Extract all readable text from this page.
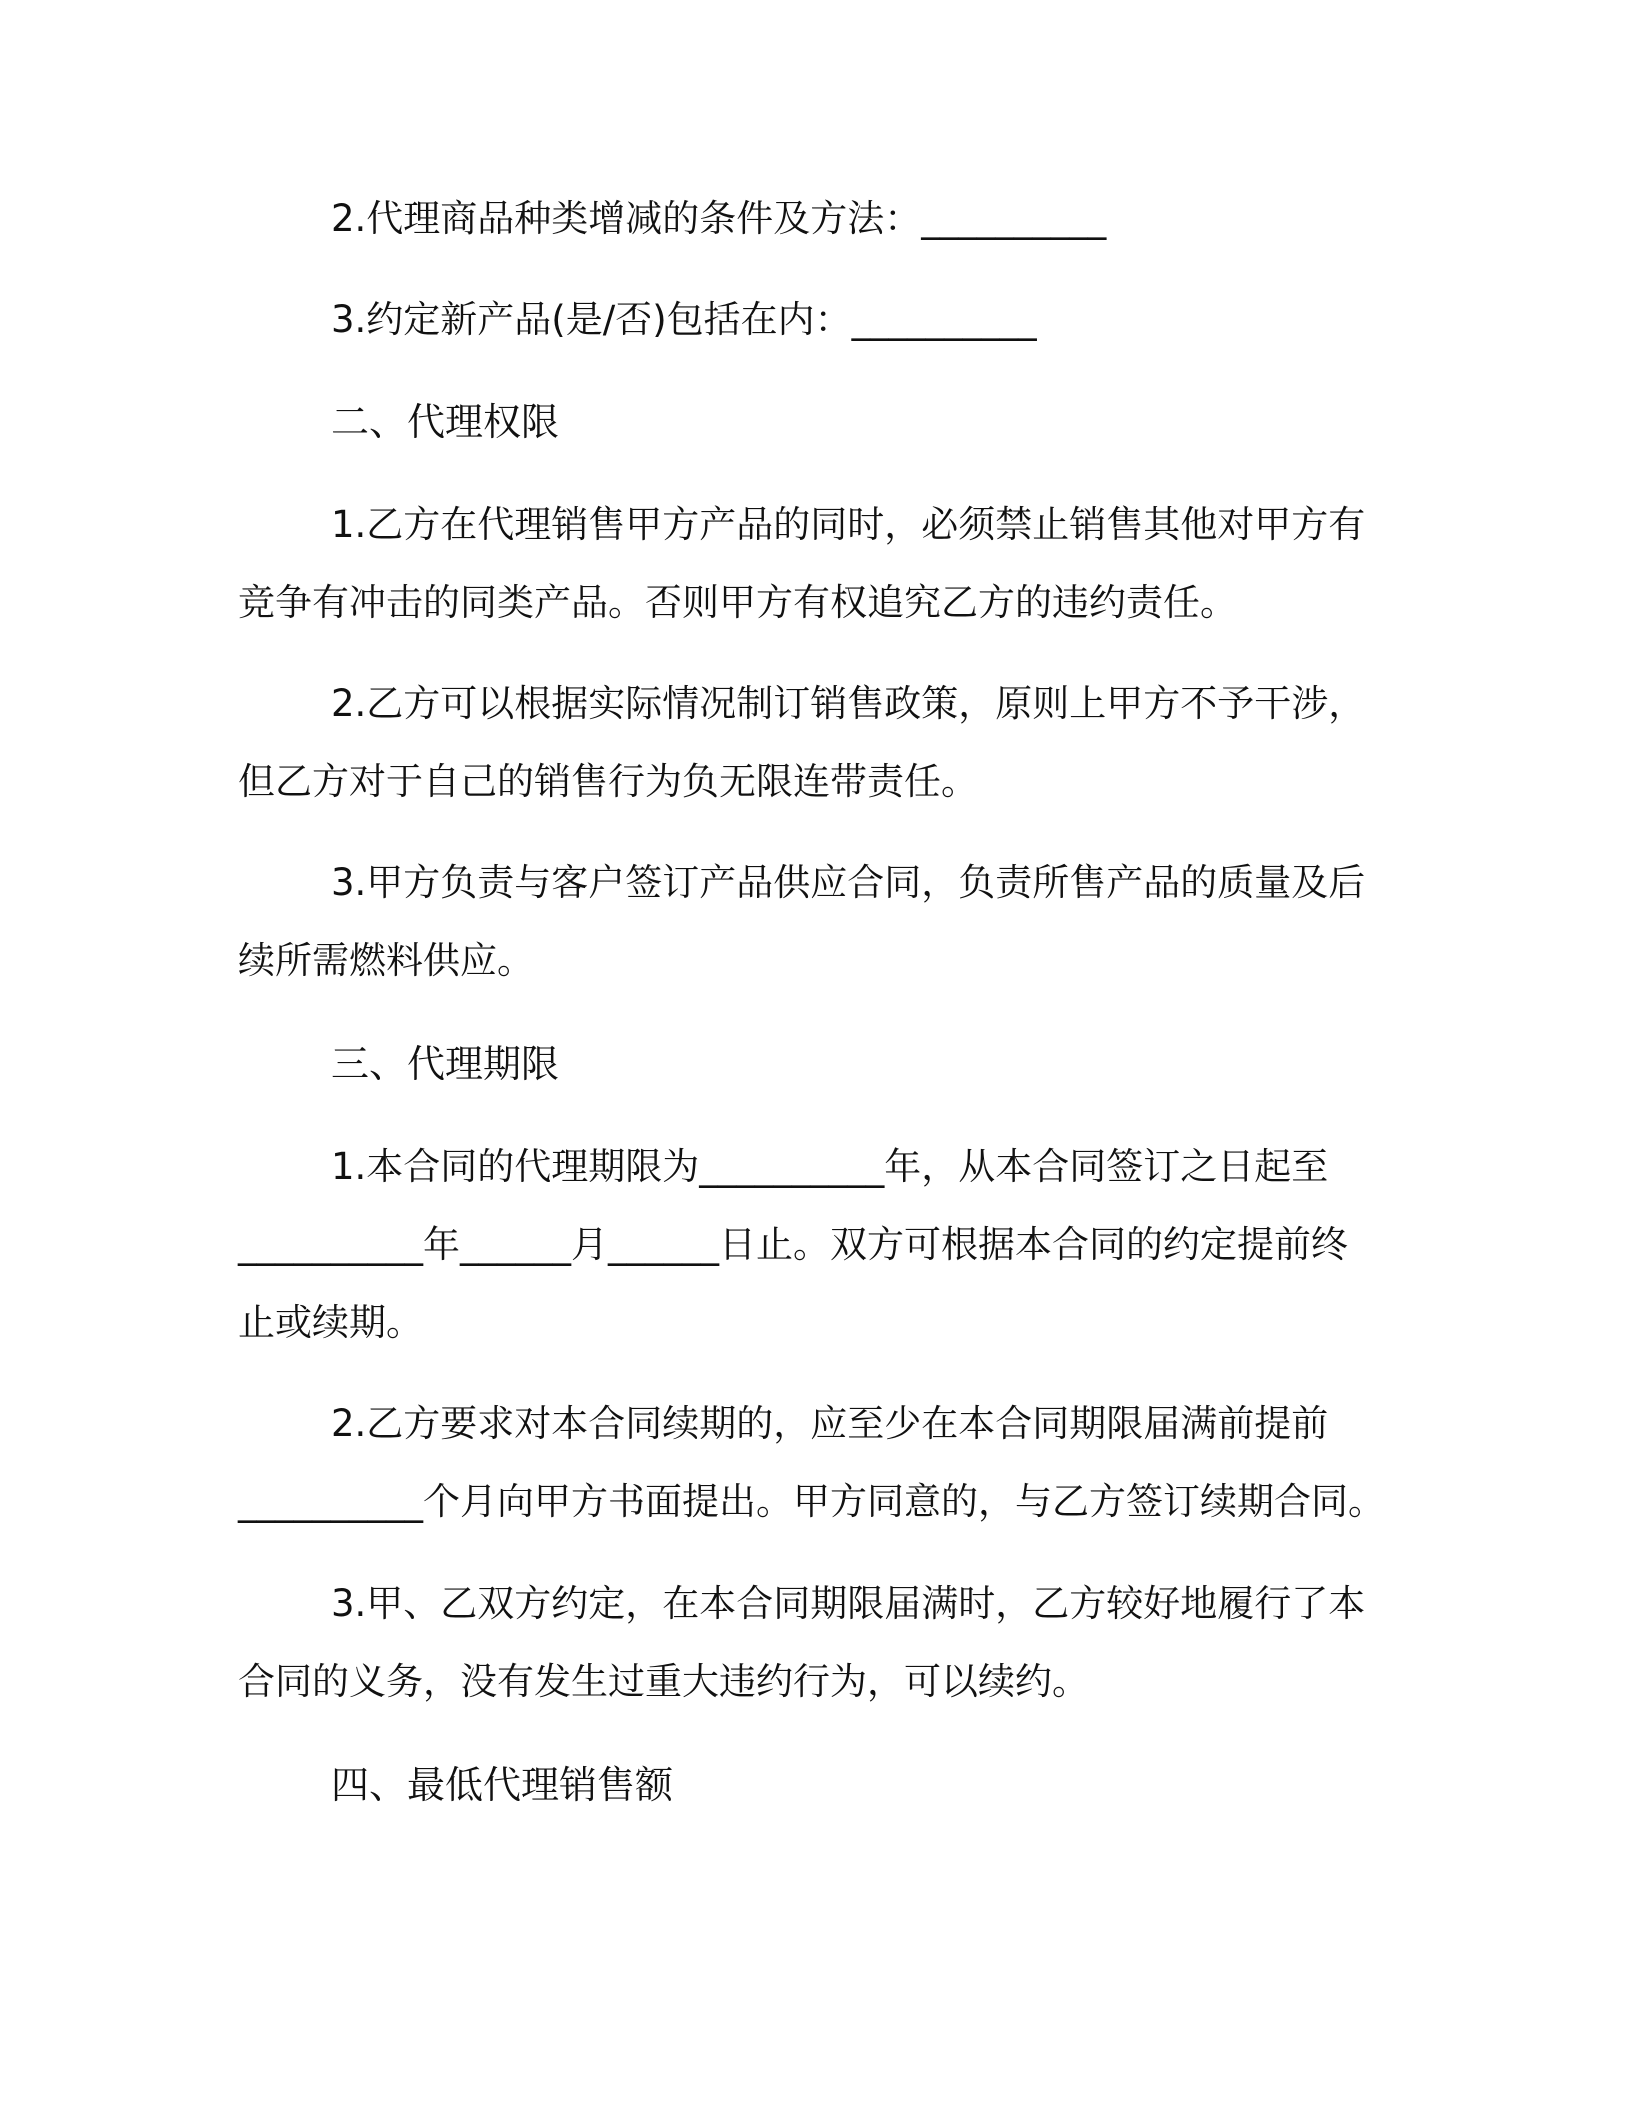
2.代理商品种类增减的条件及方法：__________

3.约定新产品(是/否)包括在内：__________

二、代理权限

1.乙方在代理销售甲方产品的同时，必须禁止销售其他对甲方有

竞争有冲击的同类产品。否则甲方有权追究乙方的违约责任。

2.乙方可以根据实际情况制订销售政策，原则上甲方不予干涉，

但乙方对于自己的销售行为负无限连带责任。

3.甲方负责与客户签订产品供应合同，负责所售产品的质量及后

续所需燃料供应。

三、代理期限

1.本合同的代理期限为__________年，从本合同签订之日起至

__________年______月______日止。双方可根据本合同的约定提前终

止或续期。

2.乙方要求对本合同续期的，应至少在本合同期限届满前提前

__________个月向甲方书面提出。甲方同意的，与乙方签订续期合同。

3.甲、乙双方约定，在本合同期限届满时，乙方较好地履行了本

合同的义务，没有发生过重大违约行为，可以续约。

四、最低代理销售额
